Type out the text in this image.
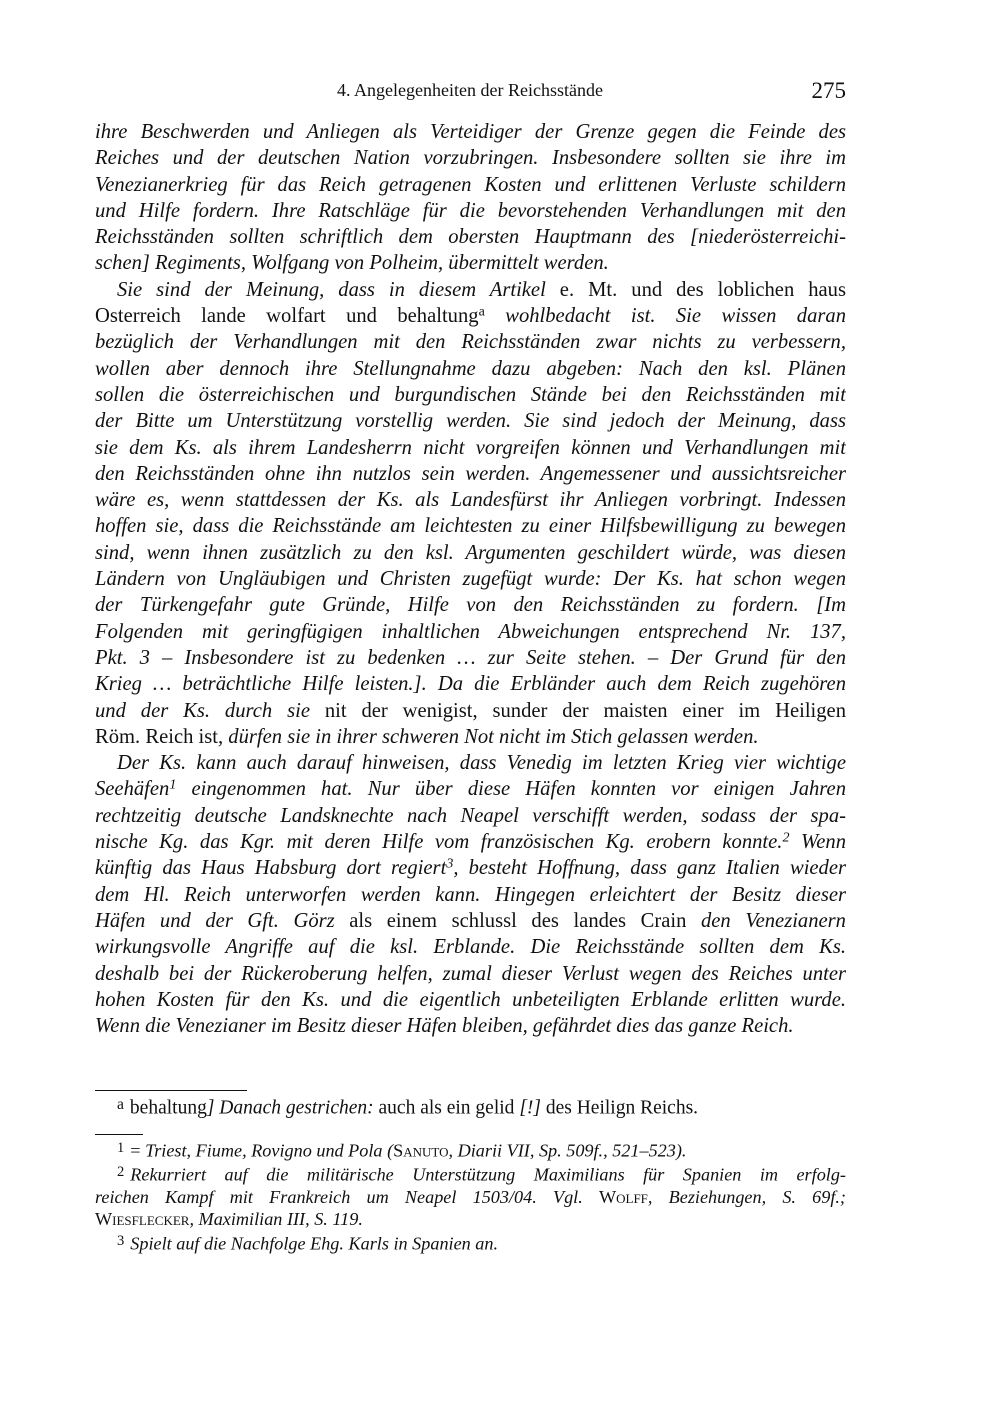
4. Angelegenheiten der Reichsstände	275
ihre Beschwerden und Anliegen als Verteidiger der Grenze gegen die Feinde des
Reiches und der deutschen Nation vorzubringen. Insbesondere sollten sie ihre im
Venezianerkrieg für das Reich getragenen Kosten und erlittenen Verluste schildern
und Hilfe fordern. Ihre Ratschläge für die bevorstehenden Verhandlungen mit den
Reichsständen sollten schriftlich dem obersten Hauptmann des [niederösterreichi-
schen] Regiments, Wolfgang von Polheim, übermittelt werden.
Sie sind der Meinung, dass in diesem Artikel e. Mt. und des loblichen haus
Osterreich lande wolfart und behaltung$^a$ wohlbedacht ist. Sie wissen daran
bezüglich der Verhandlungen mit den Reichsständen zwar nichts zu verbessern,
wollen aber dennoch ihre Stellungnahme dazu abgeben: Nach den ksl. Plänen
sollen die österreichischen und burgundischen Stände bei den Reichsständen mit
der Bitte um Unterstützung vorstellig werden. Sie sind jedoch der Meinung, dass
sie dem Ks. als ihrem Landesherrn nicht vorgreifen können und Verhandlungen mit
den Reichsständen ohne ihn nutzlos sein werden. Angemessener und aussichtsreicher
wäre es, wenn stattdessen der Ks. als Landesfürst ihr Anliegen vorbringt. Indessen
hoffen sie, dass die Reichsstände am leichtesten zu einer Hilfsbewilligung zu bewegen
sind, wenn ihnen zusätzlich zu den ksl. Argumenten geschildert würde, was diesen
Ländern von Ungläubigen und Christen zugefügt wurde: Der Ks. hat schon wegen
der Türkengefahr gute Gründe, Hilfe von den Reichsständen zu fordern. [Im
Folgenden mit geringfügigen inhaltlichen Abweichungen entsprechend Nr. 137,
Pkt. 3 – Insbesondere ist zu bedenken … zur Seite stehen. – Der Grund für den
Krieg … beträchtliche Hilfe leisten.]. Da die Erbländer auch dem Reich zugehören
und der Ks. durch sie nit der wenigist, sunder der maisten einer im Heiligen
Röm. Reich ist, dürfen sie in ihrer schweren Not nicht im Stich gelassen werden.
Der Ks. kann auch darauf hinweisen, dass Venedig im letzten Krieg vier wichtige
Seehäfen$^1$ eingenommen hat. Nur über diese Häfen konnten vor einigen Jahren
rechtzeitig deutsche Landsknechte nach Neapel verschifft werden, sodass der spa-
nische Kg. das Kgr. mit deren Hilfe vom französischen Kg. erobern konnte.$^2$ Wenn
künftig das Haus Habsburg dort regiert$^3$, besteht Hoffnung, dass ganz Italien wieder
dem Hl. Reich unterworfen werden kann. Hingegen erleichtert der Besitz dieser
Häfen und der Gft. Görz als einem schlussl des landes Crain den Venezianern
wirkungsvolle Angriffe auf die ksl. Erblande. Die Reichsstände sollten dem Ks.
deshalb bei der Rückeroberung helfen, zumal dieser Verlust wegen des Reiches unter
hohen Kosten für den Ks. und die eigentlich unbeteiligten Erblande erlitten wurde.
Wenn die Venezianer im Besitz dieser Häfen bleiben, gefährdet dies das ganze Reich.
$^a$ behaltung] Danach gestrichen: auch als ein gelid [!] des Heilign Reichs.
$^1$ = Triest, Fiume, Rovigno und Pola (Sanuto, Diarii VII, Sp. 509f., 521–523).
$^2$ Rekurriert auf die militärische Unterstützung Maximilians für Spanien im erfolg-
reichen Kampf mit Frankreich um Neapel 1503/04. Vgl. Wolff, Beziehungen, S. 69f.;
Wiesflecker, Maximilian III, S. 119.
$^3$ Spielt auf die Nachfolge Ehg. Karls in Spanien an.
